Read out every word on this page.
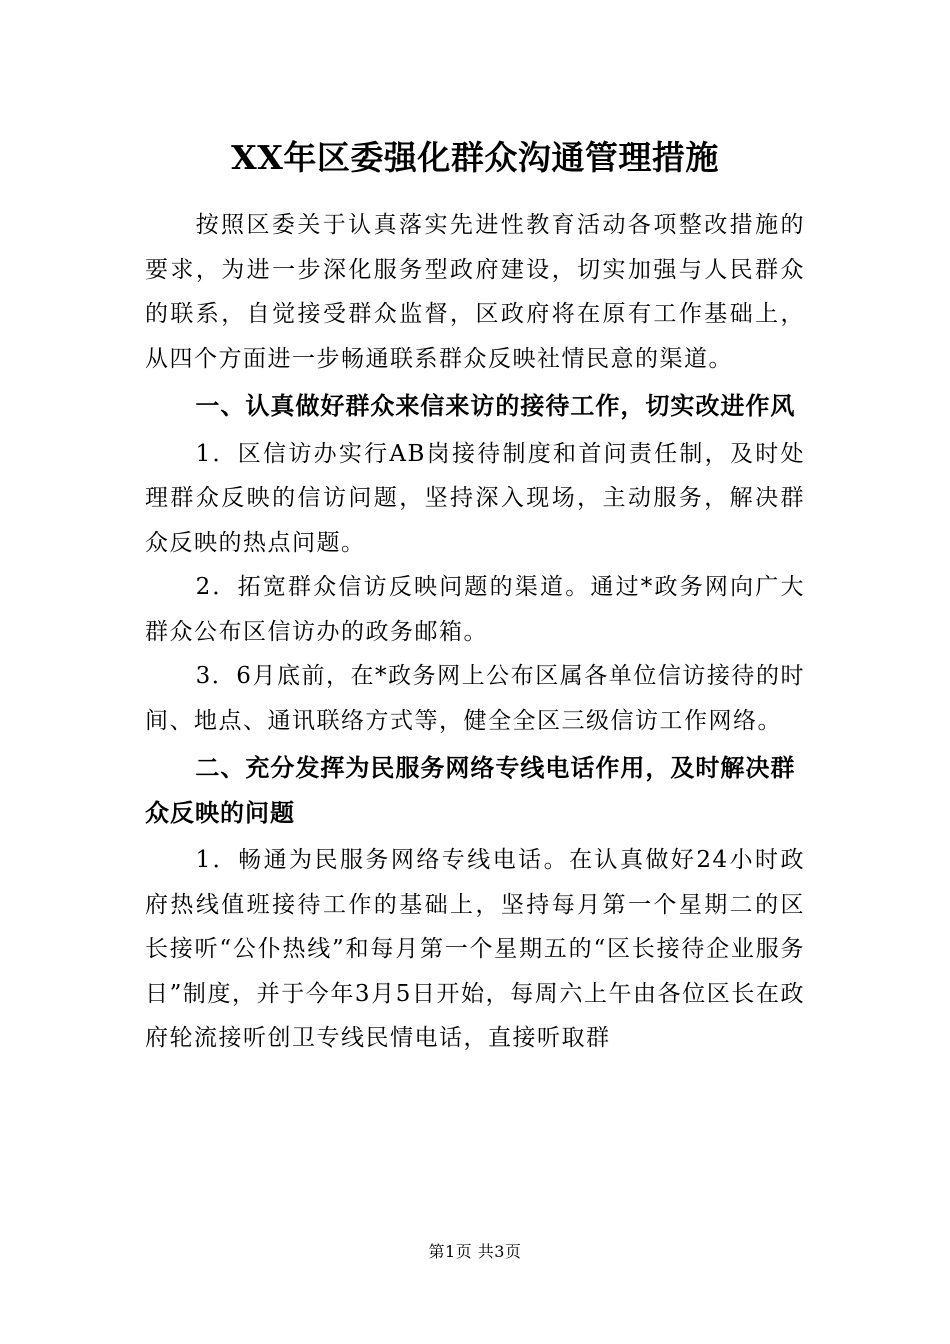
XX年区委强化群众沟通管理措施

按照区委关于认真落实先进性教育活动各项整改措施的要求，为进一步深化服务型政府建设，切实加强与人民群众的联系，自觉接受群众监督，区政府将在原有工作基础上，从四个方面进一步畅通联系群众反映社情民意的渠道。

一、认真做好群众来信来访的接待工作，切实改进作风

1．区信访办实行AB岗接待制度和首问责任制，及时处理群众反映的信访问题，坚持深入现场，主动服务，解决群众反映的热点问题。

2．拓宽群众信访反映问题的渠道。通过*政务网向广大群众公布区信访办的政务邮箱。

3．6月底前，在*政务网上公布区属各单位信访接待的时间、地点、通讯联络方式等，健全全区三级信访工作网络。

二、充分发挥为民服务网络专线电话作用，及时解决群众反映的问题

1．畅通为民服务网络专线电话。在认真做好24小时政府热线值班接待工作的基础上，坚持每月第一个星期二的区长接听“公仆热线”和每月第一个星期五的“区长接待企业服务日”制度，并于今年3月5日开始，每周六上午由各位区长在政府轮流接听创卫专线民情电话，直接听取群

第1页 共3页
